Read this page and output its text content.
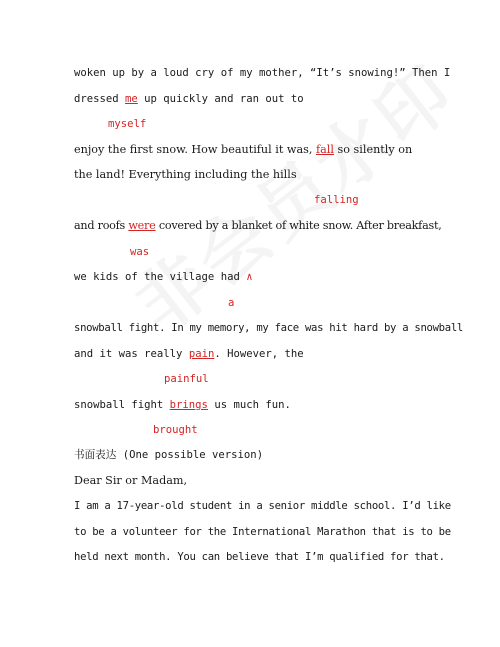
woken up by a loud cry of my mother, “It’s snowing!” Then I
dressed me up quickly and ran out to
myself
enjoy the first snow. How beautiful it was, fall so silently on
the land! Everything including the hills
falling
and roofs were covered by a blanket of white snow. After breakfast,
was
we kids of the village had ∧
a
snowball fight. In my memory, my face was hit hard by a snowball
and it was really pain. However, the
painful
snowball fight brings us much fun.
brought
书面表达 (One possible version)
Dear Sir or Madam,
I am a 17-year-old student in a senior middle school. I’d like
to be a volunteer for the International Marathon that is to be
held next month. You can believe that I’m qualified for that.
